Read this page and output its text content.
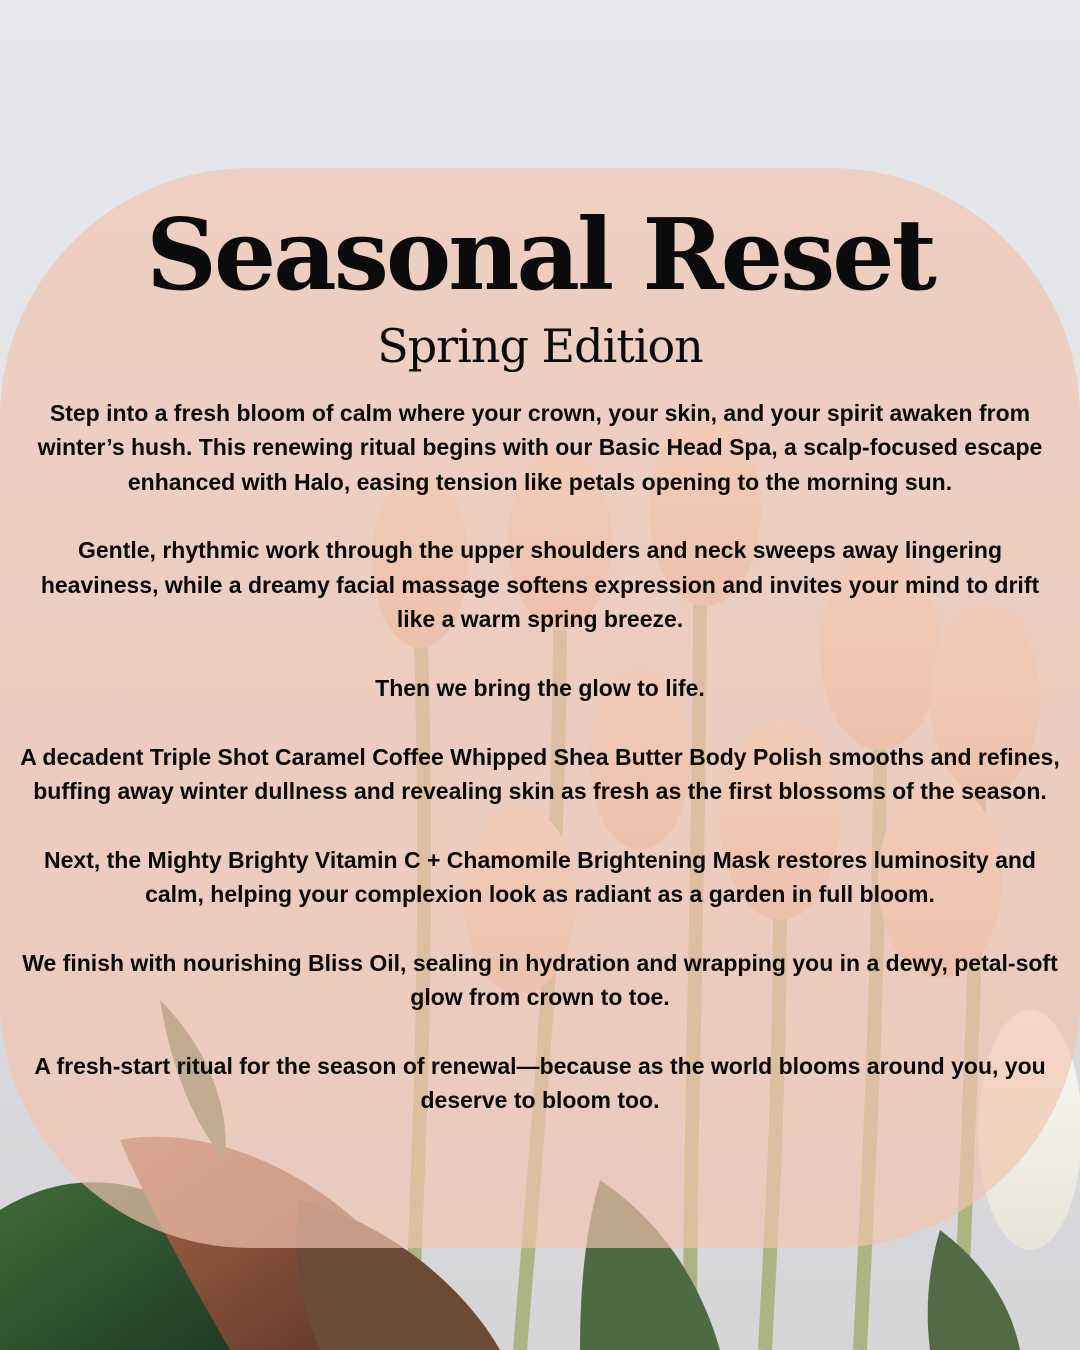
Seasonal Reset
Spring Edition

Step into a fresh bloom of calm where your crown, your skin, and your spirit awaken from winter’s hush. This renewing ritual begins with our Basic Head Spa, a scalp-focused escape enhanced with Halo, easing tension like petals opening to the morning sun.

Gentle, rhythmic work through the upper shoulders and neck sweeps away lingering heaviness, while a dreamy facial massage softens expression and invites your mind to drift like a warm spring breeze.

Then we bring the glow to life.

A decadent Triple Shot Caramel Coffee Whipped Shea Butter Body Polish smooths and refines, buffing away winter dullness and revealing skin as fresh as the first blossoms of the season.

Next, the Mighty Brighty Vitamin C + Chamomile Brightening Mask restores luminosity and calm, helping your complexion look as radiant as a garden in full bloom.

We finish with nourishing Bliss Oil, sealing in hydration and wrapping you in a dewy, petal-soft glow from crown to toe.

A fresh-start ritual for the season of renewal—because as the world blooms around you, you deserve to bloom too.
